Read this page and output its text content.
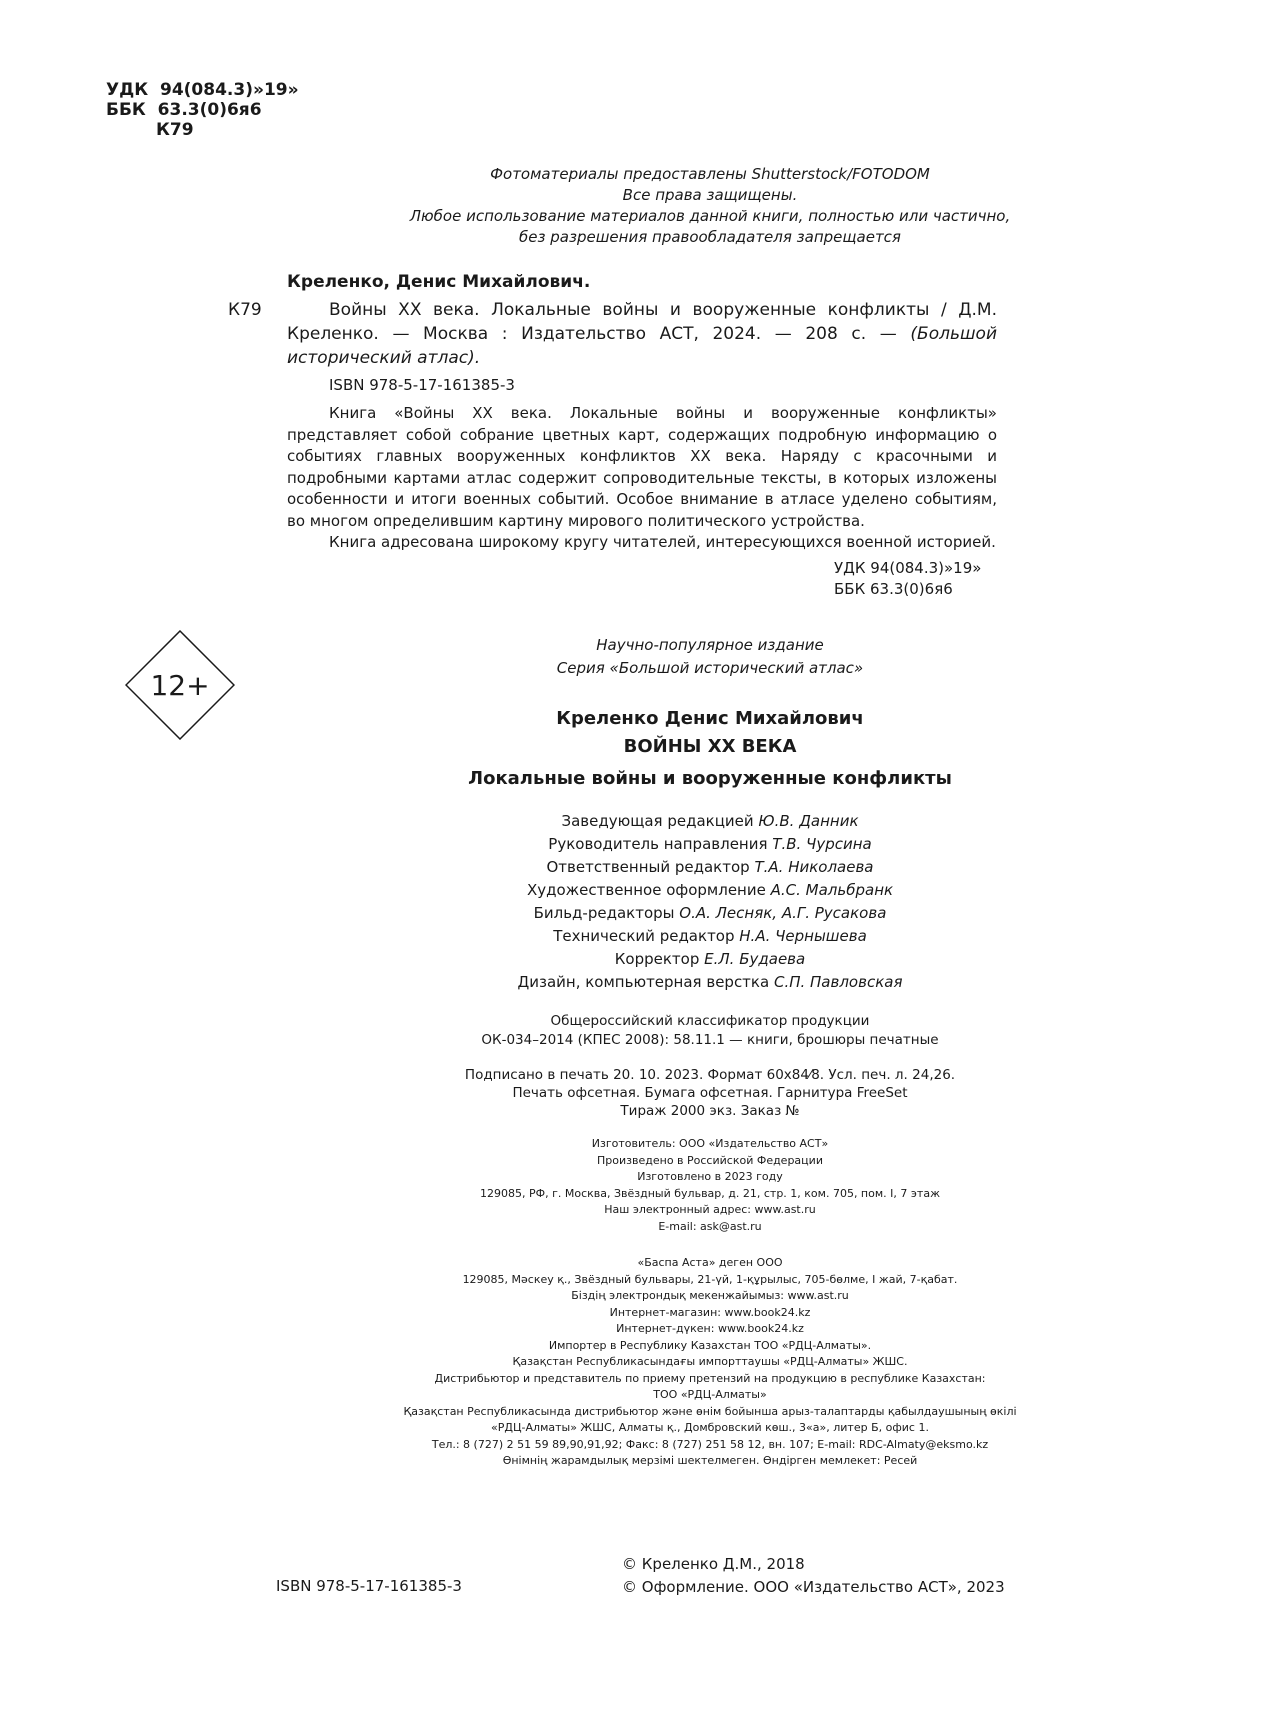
УДК 94(084.3)»19»
ББК 63.3(0)6я6
К79
Фотоматериалы предоставлены Shutterstock/FOTODOM
Все права защищены.
Любое использование материалов данной книги, полностью или частично,
без разрешения правообладателя запрещается
Креленко, Денис Михайлович.
К79	Войны XX века. Локальные войны и вооруженные конфликты / Д.М. Креленко. — Москва : Издательство АСТ, 2024. — 208 с. — (Большой исторический атлас).
ISBN 978-5-17-161385-3

Книга «Войны XX века. Локальные войны и вооруженные конфликты» представляет собой собрание цветных карт, содержащих подробную информацию о событиях главных вооруженных конфликтов XX века. Наряду с красочными и подробными картами атлас содержит сопроводительные тексты, в которых изложены особенности и итоги военных событий. Особое внимание в атласе уделено событиям, во многом определившим картину мирового политического устройства.

Книга адресована широкому кругу читателей, интересующихся военной историей.

УДК 94(084.3)»19»
ББК 63.3(0)6я6
12+
Научно-популярное издание
Серия «Большой исторический атлас»
Креленко Денис Михайлович
ВОЙНЫ XX ВЕКА
Локальные войны и вооруженные конфликты
Заведующая редакцией Ю.В. Данник
Руководитель направления Т.В. Чурсина
Ответственный редактор Т.А. Николаева
Художественное оформление А.С. Мальбранк
Бильд-редакторы О.А. Лесняк, А.Г. Русакова
Технический редактор Н.А. Чернышева
Корректор Е.Л. Будаева
Дизайн, компьютерная верстка С.П. Павловская
Общероссийский классификатор продукции
ОК-034–2014 (КПЕС 2008): 58.11.1 — книги, брошюры печатные
Подписано в печать 20. 10. 2023. Формат 60x84⁄8. Усл. печ. л. 24,26.
Печать офсетная. Бумага офсетная. Гарнитура FreeSet
Тираж 2000 экз. Заказ №
Изготовитель: ООО «Издательство АСТ»
Произведено в Российской Федерации
Изготовлено в 2023 году
129085, РФ, г. Москва, Звёздный бульвар, д. 21, стр. 1, ком. 705, пом. I, 7 этаж
Наш электронный адрес: www.ast.ru
E-mail: ask@ast.ru
«Баспа Аста» деген ООО
129085, Мәскеу қ., Звёздный бульвары, 21-үй, 1-құрылыс, 705-бөлме, I жай, 7-қабат.
Біздің электрондық мекенжайымыз: www.ast.ru
Интернет-магазин: www.book24.kz
Интернет-дүкен: www.book24.kz
Импортер в Республику Казахстан ТОО «РДЦ-Алматы».
Қазақстан Республикасындағы импорттаушы «РДЦ-Алматы» ЖШС.
Дистрибьютор и представитель по приему претензий на продукцию в республике Казахстан:
ТОО «РДЦ-Алматы»
Қазақстан Республикасында дистрибьютор және өнім бойынша арыз-талаптарды қабылдаушының өкілі
«РДЦ-Алматы» ЖШС, Алматы қ., Домбровский көш., 3«а», литер Б, офис 1.
Тел.: 8 (727) 2 51 59 89,90,91,92; Факс: 8 (727) 251 58 12, вн. 107; E-mail: RDC-Almaty@eksmo.kz
Өнімнің жарамдылық мерзімі шектелмеген. Өндірген мемлекет: Ресей
ISBN 978-5-17-161385-3
© Креленко Д.М., 2018
© Оформление. ООО «Издательство АСТ», 2023
